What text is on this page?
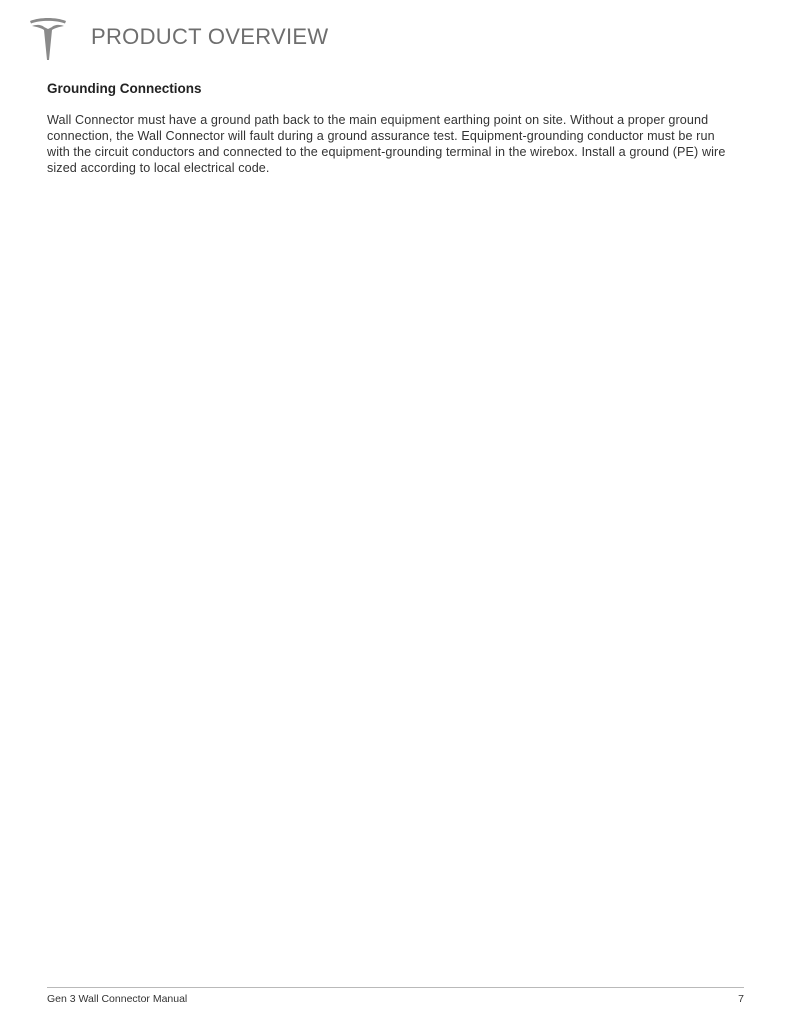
PRODUCT OVERVIEW
Grounding Connections

Wall Connector must have a ground path back to the main equipment earthing point on site. Without a proper ground connection, the Wall Connector will fault during a ground assurance test. Equipment-grounding conductor must be run with the circuit conductors and connected to the equipment-grounding terminal in the wirebox. Install a ground (PE) wire sized according to local electrical code.

Gen 3 Wall Connector Manual	7
